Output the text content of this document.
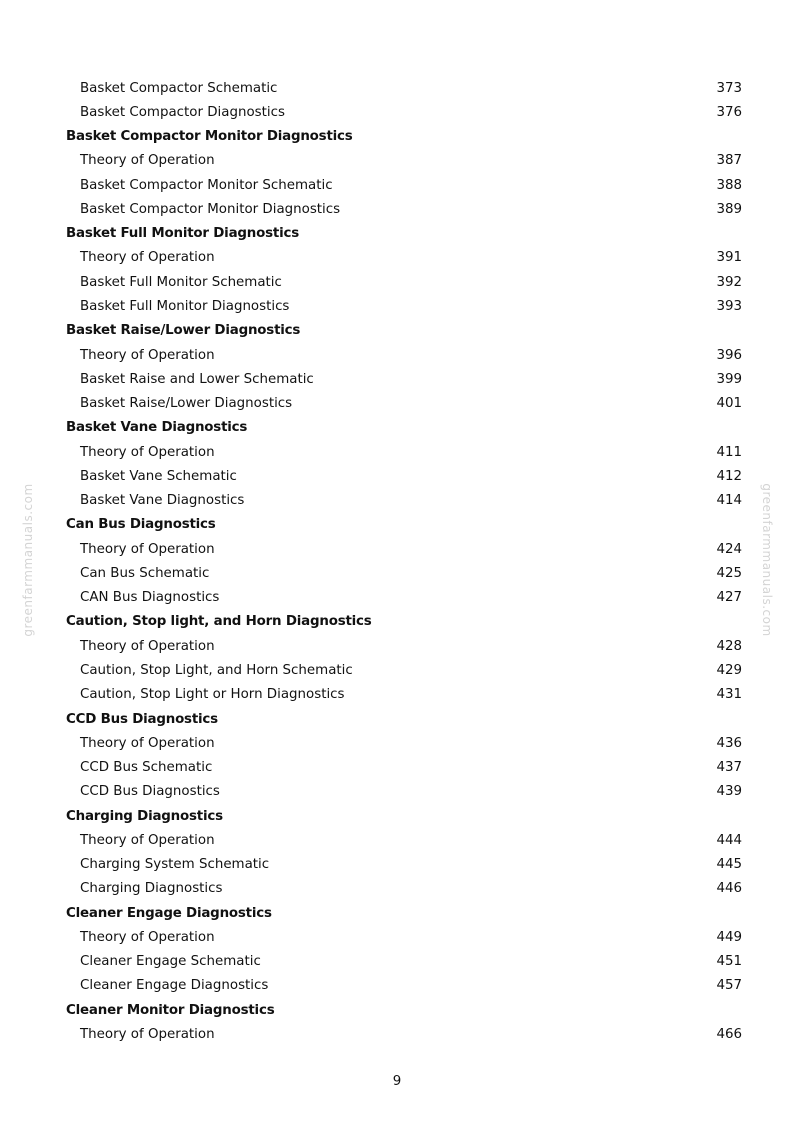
Basket Compactor Schematic	373
Basket Compactor Diagnostics	376
Basket Compactor Monitor Diagnostics
Theory of Operation	387
Basket Compactor Monitor Schematic	388
Basket Compactor Monitor Diagnostics	389
Basket Full Monitor Diagnostics
Theory of Operation	391
Basket Full Monitor Schematic	392
Basket Full Monitor Diagnostics	393
Basket Raise/Lower Diagnostics
Theory of Operation	396
Basket Raise and Lower Schematic	399
Basket Raise/Lower Diagnostics	401
Basket Vane Diagnostics
Theory of Operation	411
Basket Vane Schematic	412
Basket Vane Diagnostics	414
Can Bus Diagnostics
Theory of Operation	424
Can Bus Schematic	425
CAN Bus Diagnostics	427
Caution, Stop light, and Horn Diagnostics
Theory of Operation	428
Caution, Stop Light, and Horn Schematic	429
Caution, Stop Light or Horn Diagnostics	431
CCD Bus Diagnostics
Theory of Operation	436
CCD Bus Schematic	437
CCD Bus Diagnostics	439
Charging Diagnostics
Theory of Operation	444
Charging System Schematic	445
Charging Diagnostics	446
Cleaner Engage Diagnostics
Theory of Operation	449
Cleaner Engage Schematic	451
Cleaner Engage Diagnostics	457
Cleaner Monitor Diagnostics
Theory of Operation	466
greenfarmmanuals.com	greenfarmmanuals.com
9
